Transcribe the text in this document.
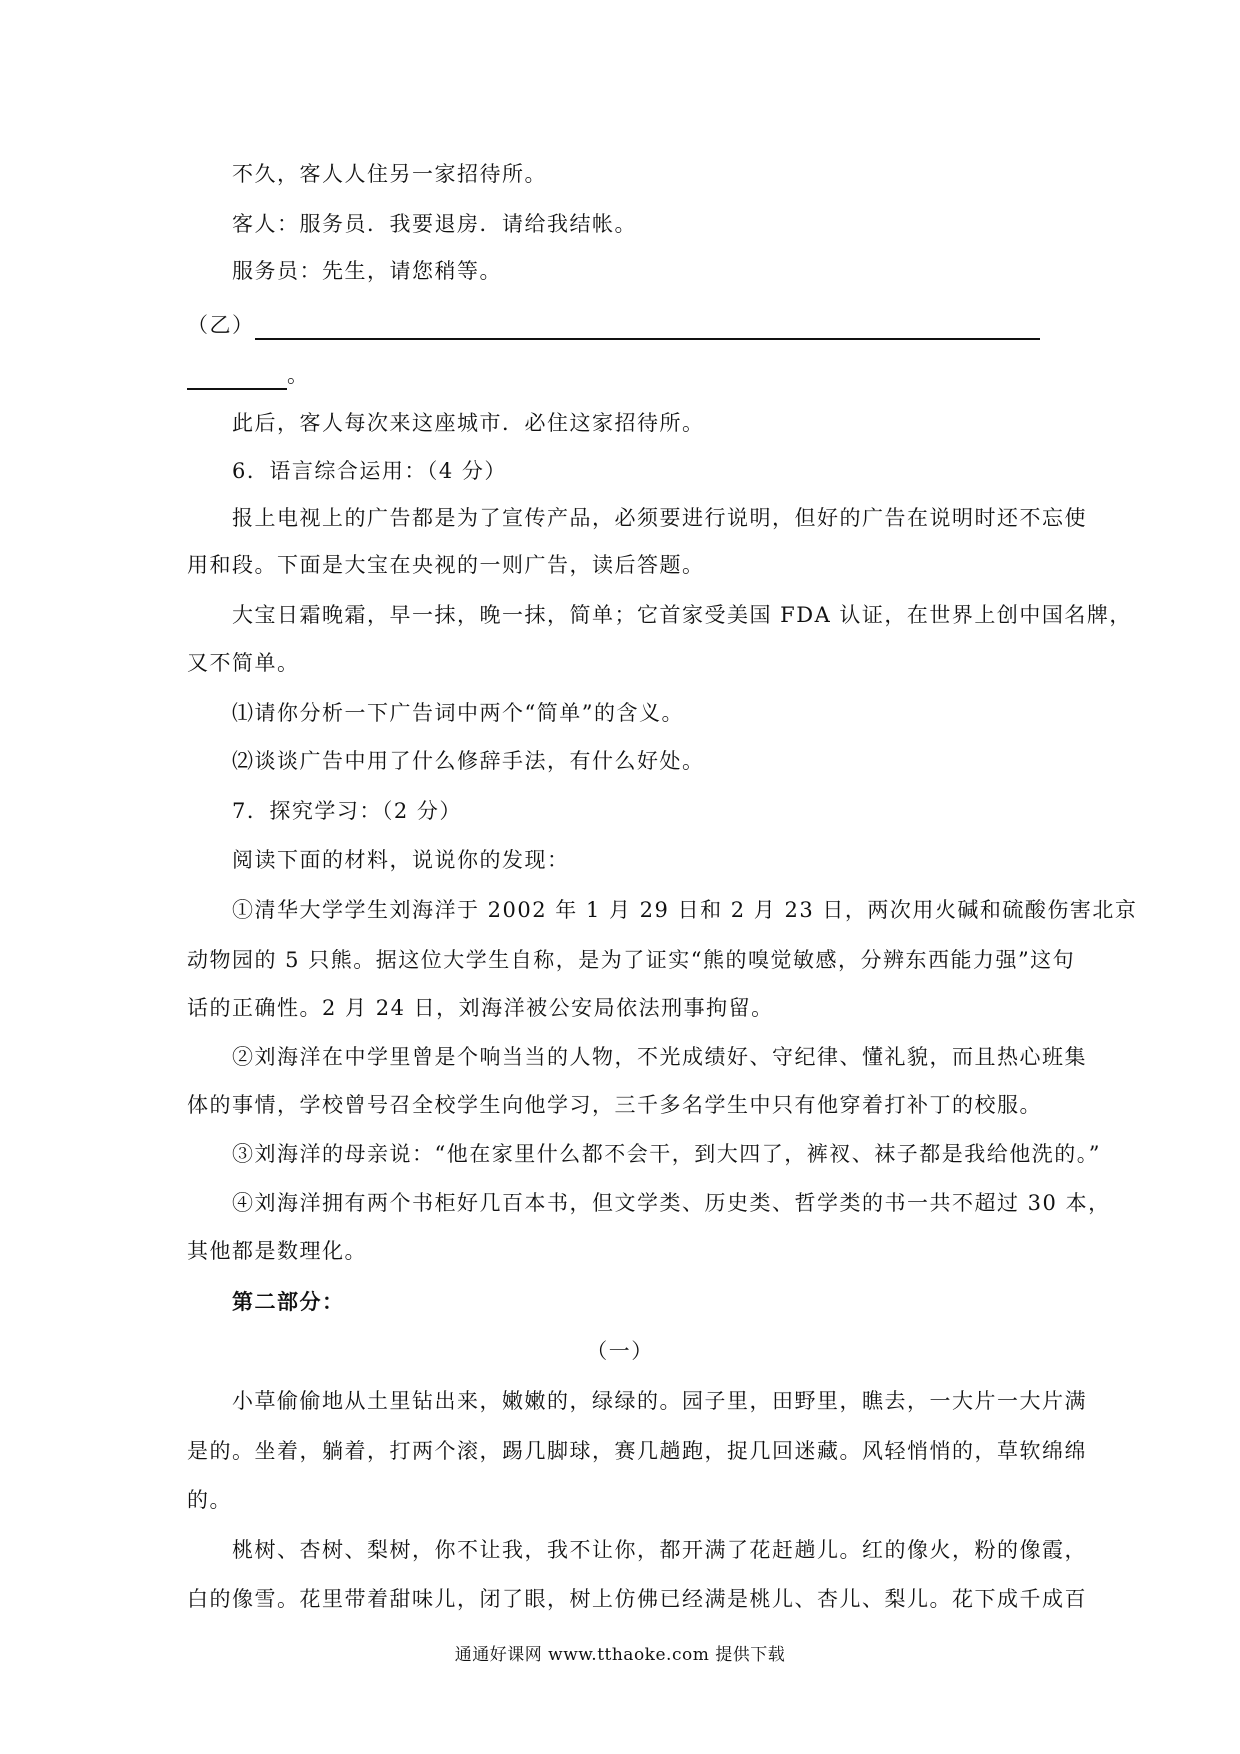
不久，客人人住另一家招待所。
客人：服务员．我要退房．请给我结帐。
服务员：先生，请您稍等。
（乙）
。
此后，客人每次来这座城市．必住这家招待所。
6．语言综合运用：（4 分）
报上电视上的广告都是为了宣传产品，必须要进行说明，但好的广告在说明时还不忘使
用和段。下面是大宝在央视的一则广告，读后答题。
大宝日霜晚霜，早一抹，晚一抹，简单；它首家受美国 FDA 认证，在世界上创中国名牌，
又不简单。
⑴请你分析一下广告词中两个“简单”的含义。
⑵谈谈广告中用了什么修辞手法，有什么好处。
7．探究学习：（2 分）
阅读下面的材料，说说你的发现：
①清华大学学生刘海洋于 2002 年 1 月 29 日和 2 月 23 日，两次用火碱和硫酸伤害北京
动物园的 5 只熊。据这位大学生自称，是为了证实“熊的嗅觉敏感，分辨东西能力强”这句
话的正确性。2 月 24 日，刘海洋被公安局依法刑事拘留。
②刘海洋在中学里曾是个响当当的人物，不光成绩好、守纪律、懂礼貌，而且热心班集
体的事情，学校曾号召全校学生向他学习，三千多名学生中只有他穿着打补丁的校服。
③刘海洋的母亲说：“他在家里什么都不会干，到大四了，裤衩、袜子都是我给他洗的。”
④刘海洋拥有两个书柜好几百本书，但文学类、历史类、哲学类的书一共不超过 30 本，
其他都是数理化。
第二部分：
（一）
小草偷偷地从土里钻出来，嫩嫩的，绿绿的。园子里，田野里，瞧去，一大片一大片满
是的。坐着，躺着，打两个滚，踢几脚球，赛几趟跑，捉几回迷藏。风轻悄悄的，草软绵绵
的。
桃树、杏树、梨树，你不让我，我不让你，都开满了花赶趟儿。红的像火，粉的像霞，
白的像雪。花里带着甜味儿，闭了眼，树上仿佛已经满是桃儿、杏儿、梨儿。花下成千成百
通通好课网 www.tthaoke.com 提供下载
